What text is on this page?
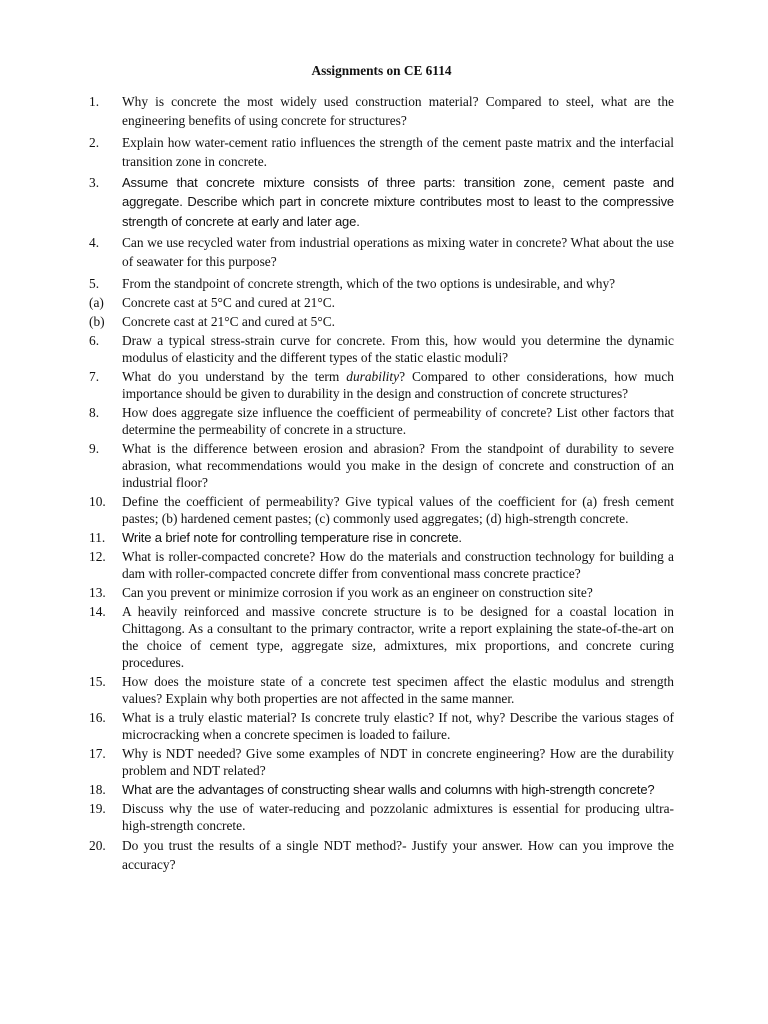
Assignments on CE 6114
1.	Why is concrete the most widely used construction material? Compared to steel, what are the engineering benefits of using concrete for structures?
2.	Explain how water-cement ratio influences the strength of the cement paste matrix and the interfacial transition zone in concrete.
3.	Assume that concrete mixture consists of three parts: transition zone, cement paste and aggregate. Describe which part in concrete mixture contributes most to least to the compressive strength of concrete at early and later age.
4.	Can we use recycled water from industrial operations as mixing water in concrete? What about the use of seawater for this purpose?
5.	From the standpoint of concrete strength, which of the two options is undesirable, and why?
(a)	Concrete cast at 5°C and cured at 21°C.
(b)	Concrete cast at 21°C and cured at 5°C.
6.	Draw a typical stress-strain curve for concrete. From this, how would you determine the dynamic modulus of elasticity and the different types of the static elastic moduli?
7.	What do you understand by the term durability? Compared to other considerations, how much importance should be given to durability in the design and construction of concrete structures?
8.	How does aggregate size influence the coefficient of permeability of concrete? List other factors that determine the permeability of concrete in a structure.
9.	What is the difference between erosion and abrasion? From the standpoint of durability to severe abrasion, what recommendations would you make in the design of concrete and construction of an industrial floor?
10.	Define the coefficient of permeability? Give typical values of the coefficient for (a) fresh cement pastes; (b) hardened cement pastes; (c) commonly used aggregates; (d) high-strength concrete.
11.	Write a brief note for controlling temperature rise in concrete.
12.	What is roller-compacted concrete? How do the materials and construction technology for building a dam with roller-compacted concrete differ from conventional mass concrete practice?
13.	Can you prevent or minimize corrosion if you work as an engineer on construction site?
14.	A heavily reinforced and massive concrete structure is to be designed for a coastal location in Chittagong. As a consultant to the primary contractor, write a report explaining the state-of-the-art on the choice of cement type, aggregate size, admixtures, mix proportions, and concrete curing procedures.
15.	How does the moisture state of a concrete test specimen affect the elastic modulus and strength values? Explain why both properties are not affected in the same manner.
16.	What is a truly elastic material? Is concrete truly elastic? If not, why? Describe the various stages of microcracking when a concrete specimen is loaded to failure.
17.	Why is NDT needed? Give some examples of NDT in concrete engineering? How are the durability problem and NDT related?
18.	What are the advantages of constructing shear walls and columns with high-strength concrete?
19.	Discuss why the use of water-reducing and pozzolanic admixtures is essential for producing ultra-high-strength concrete.
20.	Do you trust the results of a single NDT method?- Justify your answer. How can you improve the accuracy?
